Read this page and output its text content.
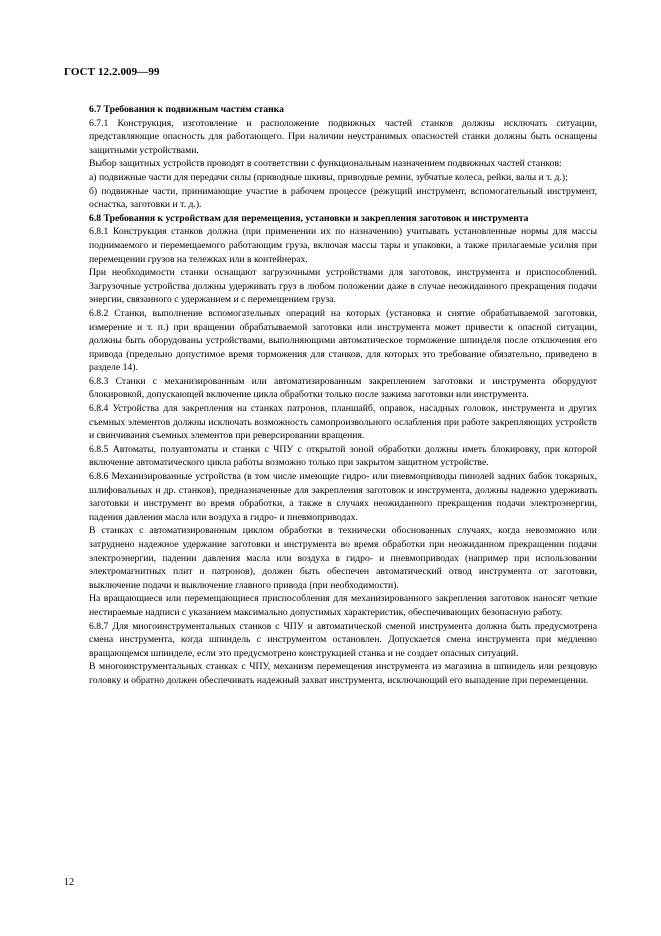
ГОСТ 12.2.009—99

6.7 Требования к подвижным частям станка

6.7.1 Конструкция, изготовление и расположение подвижных частей станков должны исключать ситуации, представляющие опасность для работающего. При наличии неустранимых опасностей станки должны быть оснащены защитными устройствами.

Выбор защитных устройств проводят в соответствии с функциональным назначением подвижных частей станков:

а) подвижные части для передачи силы (приводные шкивы, приводные ремни, зубчатые колеса, рейки, валы и т. д.);

б) подвижные части, принимающие участие в рабочем процессе (режущий инструмент, вспомогательный инструмент, оснастка, заготовки и т. д.).

6.8 Требования к устройствам для перемещения, установки и закрепления заготовок и инструмента

6.8.1 Конструкция станков должна (при применении их по назначению) учитывать установленные нормы для массы поднимаемого и перемещаемого работающим груза, включая массы тары и упаковки, а также прилагаемые усилия при перемещении грузов на тележках или в контейнерах.

При необходимости станки оснащают загрузочными устройствами для заготовок, инструмента и приспособлений. Загрузочные устройства должны удерживать груз в любом положении даже в случае неожиданного прекращения подачи энергии, связанного с удержанием и с перемещением груза.

6.8.2 Станки, выполнение вспомогательных операций на которых (установка и снятие обрабатываемой заготовки, измерение и т. п.) при вращении обрабатываемой заготовки или инструмента может привести к опасной ситуации, должны быть оборудованы устройствами, выполняющими автоматическое торможение шпинделя после отключения его привода (предельно допустимое время торможения для станков, для которых это требование обязательно, приведено в разделе 14).

6.8.3 Станки с механизированным или автоматизированным закреплением заготовки и инструмента оборудуют блокировкой, допускающей включение цикла обработки только после зажима заготовки или инструмента.

6.8.4 Устройства для закрепления на станках патронов, планшайб, оправок, насадных головок, инструмента и других съемных элементов должны исключать возможность самопроизвольного ослабления при работе закрепляющих устройств и свинчивания съемных элементов при реверсировании вращения.

6.8.5 Автоматы, полуавтоматы и станки с ЧПУ с открытой зоной обработки должны иметь блокировку, при которой включение автоматического цикла работы возможно только при закрытом защитном устройстве.

6.8.6 Механизированные устройства (в том числе имеющие гидро- или пневмоприводы пинолей задних бабок токарных, шлифовальных и др. станков), предназначенные для закрепления заготовок и инструмента, должны надежно удерживать заготовки и инструмент во время обработки, а также в случаях неожиданного прекращения подачи электроэнергии, падения давления масла или воздуха в гидро- и пневмоприводах.

В станках с автоматизированным циклом обработки в технически обоснованных случаях, когда невозможно или затруднено надежное удержание заготовки и инструмента во время обработки при неожиданном прекращении подачи электроэнергии, падении давления масла или воздуха в гидро- и пневмоприводах (например при использовании электромагнитных плит и патронов), должен быть обеспечен автоматический отвод инструмента от заготовки, выключение подачи и выключение главного привода (при необходимости).

На вращающиеся или перемещающиеся приспособления для механизированного закрепления заготовок наносят четкие нестираемые надписи с указанием максимально допустимых характеристик, обеспечивающих безопасную работу.

6.8.7 Для многоинструментальных станков с ЧПУ и автоматической сменой инструмента должна быть предусмотрена смена инструмента, когда шпиндель с инструментом остановлен. Допускается смена инструмента при медленно вращающемся шпинделе, если это предусмотрено конструкцией станка и не создает опасных ситуаций.

В многоинструментальных станках с ЧПУ, механизм перемещения инструмента из магазина в шпиндель или резцовую головку и обратно должен обеспечивать надежный захват инструмента, исключающий его выпадение при перемещении.

12
